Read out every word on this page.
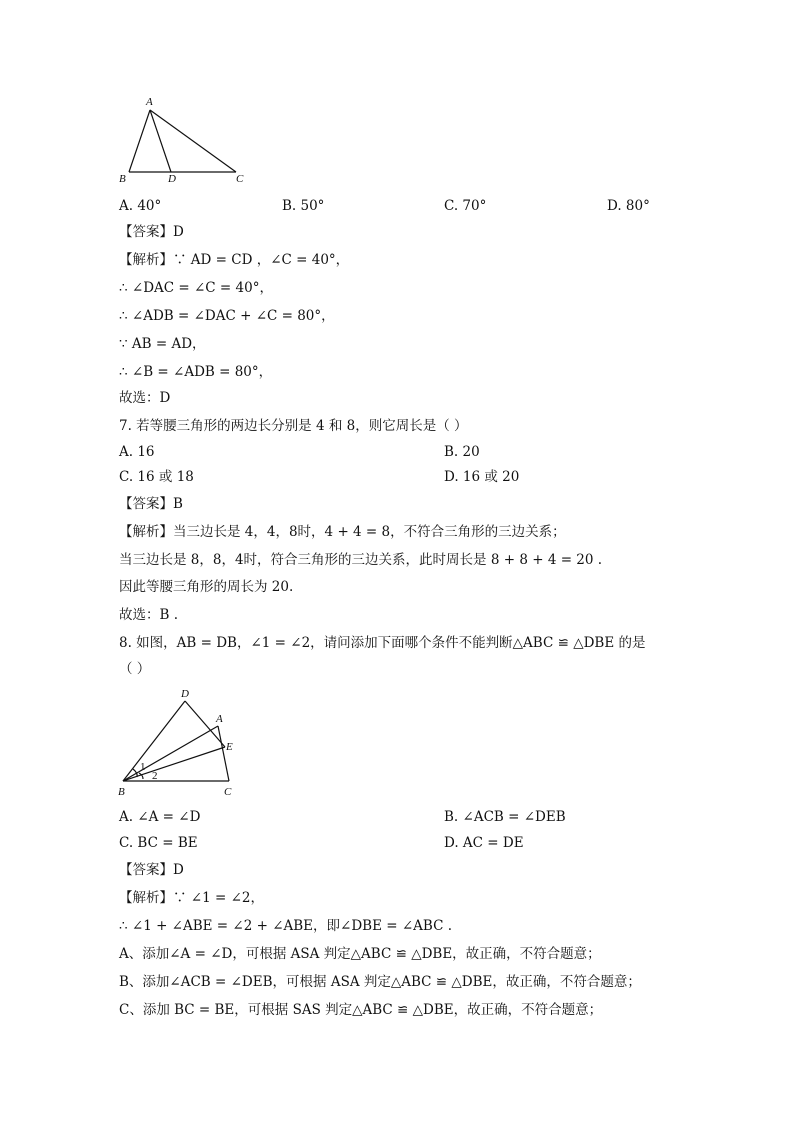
A
B	D	C
A. 40°	B. 50°	C. 70°	D. 80°
【答案】D
【解析】∵ AD = CD ，∠C = 40°，
∴ ∠DAC = ∠C = 40°，
∴ ∠ADB = ∠DAC + ∠C = 80°，
∵ AB = AD，
∴ ∠B = ∠ADB = 80°，
故选：D
7. 若等腰三角形的两边长分别是 4 和 8，则它周长是（ ）
A. 16	B. 20
C. 16 或 18	D. 16 或 20
【答案】B
【解析】当三边长是 4，4，8时，4 + 4 = 8，不符合三角形的三边关系；
当三边长是 8，8，4时，符合三角形的三边关系，此时周长是 8 + 8 + 4 = 20 .
因此等腰三角形的周长为 20.
故选：B .
8. 如图，AB = DB，∠1 = ∠2，请问添加下面哪个条件不能判断△ABC ≌ △DBE 的是
（ ）
D
A
E
B	C
1
2
A. ∠A = ∠D	B. ∠ACB = ∠DEB
C. BC = BE	D. AC = DE
【答案】D
【解析】∵ ∠1 = ∠2，
∴ ∠1 + ∠ABE = ∠2 + ∠ABE，即∠DBE = ∠ABC .
A、添加∠A = ∠D，可根据 ASA 判定△ABC ≌ △DBE，故正确，不符合题意；
B、添加∠ACB = ∠DEB，可根据 ASA 判定△ABC ≌ △DBE，故正确，不符合题意；
C、添加 BC = BE，可根据 SAS 判定△ABC ≌ △DBE，故正确，不符合题意；
